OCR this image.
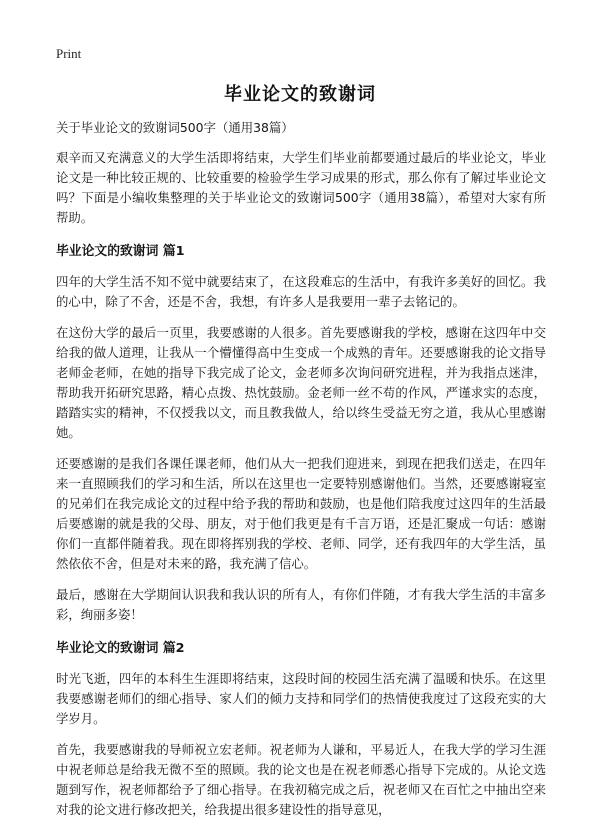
Print
毕业论文的致谢词

关于毕业论文的致谢词500字（通用38篇）

艰辛而又充满意义的大学生活即将结束，大学生们毕业前都要通过最后的毕业论文，毕业论文是一种比较正规的、比较重要的检验学生学习成果的形式，那么你有了解过毕业论文吗？下面是小编收集整理的关于毕业论文的致谢词500字（通用38篇），希望对大家有所帮助。

毕业论文的致谢词 篇1

四年的大学生活不知不觉中就要结束了，在这段难忘的生活中，有我许多美好的回忆。我的心中，除了不舍，还是不舍，我想，有许多人是我要用一辈子去铭记的。

在这份大学的最后一页里，我要感谢的人很多。首先要感谢我的学校，感谢在这四年中交给我的做人道理，让我从一个懵懂得高中生变成一个成熟的青年。还要感谢我的论文指导老师金老师，在她的指导下我完成了论文，金老师多次询问研究进程，并为我指点迷津，帮助我开拓研究思路，精心点拨、热忱鼓励。金老师一丝不苟的作风，严谨求实的态度，踏踏实实的精神，不仅授我以文，而且教我做人，给以终生受益无穷之道，我从心里感谢她。

还要感谢的是我们各课任课老师，他们从大一把我们迎进来，到现在把我们送走，在四年来一直照顾我们的学习和生活，所以在这里也一定要特别感谢他们。当然，还要感谢寝室的兄弟们在我完成论文的过程中给予我的帮助和鼓励，也是他们陪我度过这四年的生活最后要感谢的就是我的父母、朋友，对于他们我更是有千言万语，还是汇聚成一句话：感谢你们一直都伴随着我。现在即将挥别我的学校、老师、同学，还有我四年的大学生活，虽然依依不舍，但是对未来的路，我充满了信心。

最后，感谢在大学期间认识我和我认识的所有人，有你们伴随，才有我大学生活的丰富多彩，绚丽多姿！

毕业论文的致谢词 篇2

时光飞逝，四年的本科生生涯即将结束，这段时间的校园生活充满了温暖和快乐。在这里我要感谢老师们的细心指导、家人们的倾力支持和同学们的热情使我度过了这段充实的大学岁月。

首先，我要感谢我的导师祝立宏老师。祝老师为人谦和，平易近人，在我大学的学习生涯中祝老师总是给我无微不至的照顾。我的论文也是在祝老师悉心指导下完成的。从论文选题到写作，祝老师都给予了细心指导。在我初稿完成之后，祝老师又在百忙之中抽出空来对我的论文进行修改把关，给我提出很多建设性的指导意见，
